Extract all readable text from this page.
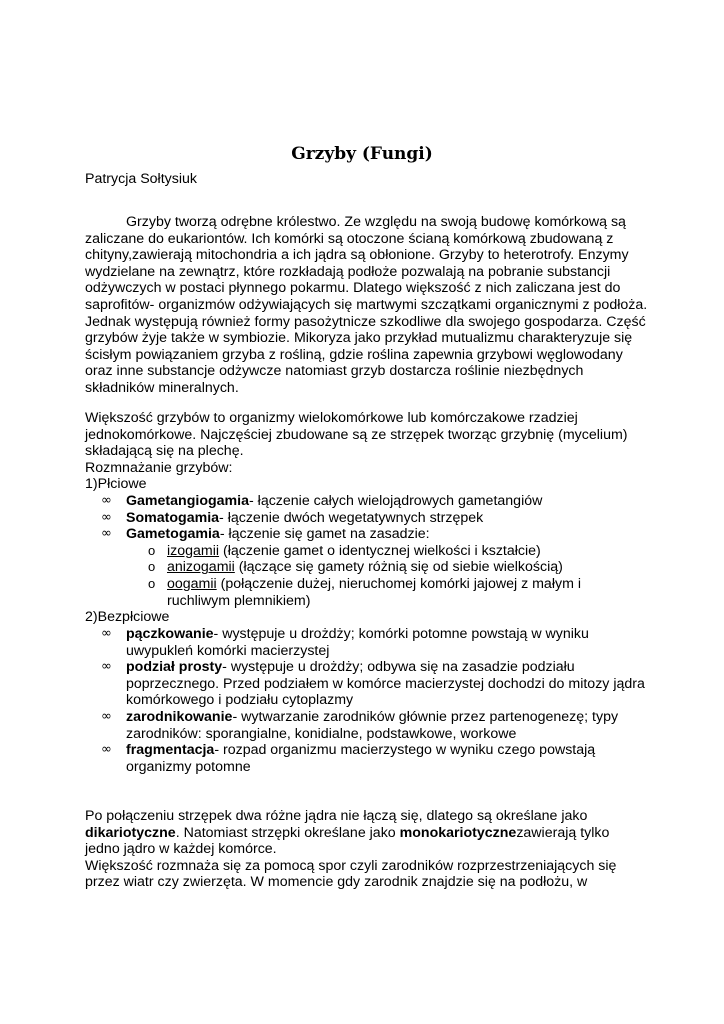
Grzyby (Fungi)
Patrycja Sołtysiuk
Grzyby tworzą odrębne królestwo. Ze względu na swoją budowę komórkową są
zaliczane do eukariontów. Ich komórki są otoczone ścianą komórkową zbudowaną z
chityny,zawierają mitochondria a ich jądra są obłonione. Grzyby to heterotrofy. Enzymy
wydzielane na zewnątrz, które rozkładają podłoże pozwalają na pobranie substancji
odżywczych w postaci płynnego pokarmu. Dlatego większość z nich zaliczana jest do
saprofitów- organizmów odżywiających się martwymi szczątkami organicznymi z podłoża.
Jednak występują również formy pasożytnicze szkodliwe dla swojego gospodarza. Część
grzybów żyje także w symbiozie. Mikoryza jako przykład mutualizmu charakteryzuje się
ścisłym powiązaniem grzyba z rośliną, gdzie roślina zapewnia grzybowi węglowodany
oraz inne substancje odżywcze natomiast grzyb dostarcza roślinie niezbędnych
składników mineralnych.
Większość grzybów to organizmy wielokomórkowe lub komórczakowe rzadziej
jednokomórkowe. Najczęściej zbudowane są ze strzępek tworząc grzybnię (mycelium)
składającą się na plechę.
Rozmnażanie grzybów:
1)Płciowe
∞ Gametangiogamia- łączenie całych wielojądrowych gametangiów
∞ Somatogamia- łączenie dwóch wegetatywnych strzępek
∞ Gametogamia- łączenie się gamet na zasadzie:
o izogamii (łączenie gamet o identycznej wielkości i kształcie)
o anizogamii (łączące się gamety różnią się od siebie wielkością)
o oogamii (połączenie dużej, nieruchomej komórki jajowej z małym i
ruchliwym plemnikiem)
2)Bezpłciowe
∞ pączkowanie- występuje u drożdży; komórki potomne powstają w wyniku
uwypukleń komórki macierzystej
∞ podział prosty- występuje u drożdży; odbywa się na zasadzie podziału
poprzecznego. Przed podziałem w komórce macierzystej dochodzi do mitozy jądra
komórkowego i podziału cytoplazmy
∞ zarodnikowanie- wytwarzanie zarodników głównie przez partenogenezę; typy
zarodników: sporangialne, konidialne, podstawkowe, workowe
∞ fragmentacja- rozpad organizmu macierzystego w wyniku czego powstają
organizmy potomne
Po połączeniu strzępek dwa różne jądra nie łączą się, dlatego są określane jako
dikariotyczne. Natomiast strzępki określane jako monokariotycznezawierają tylko
jedno jądro w każdej komórce.
Większość rozmnaża się za pomocą spor czyli zarodników rozprzestrzeniających się
przez wiatr czy zwierzęta. W momencie gdy zarodnik znajdzie się na podłożu, w
